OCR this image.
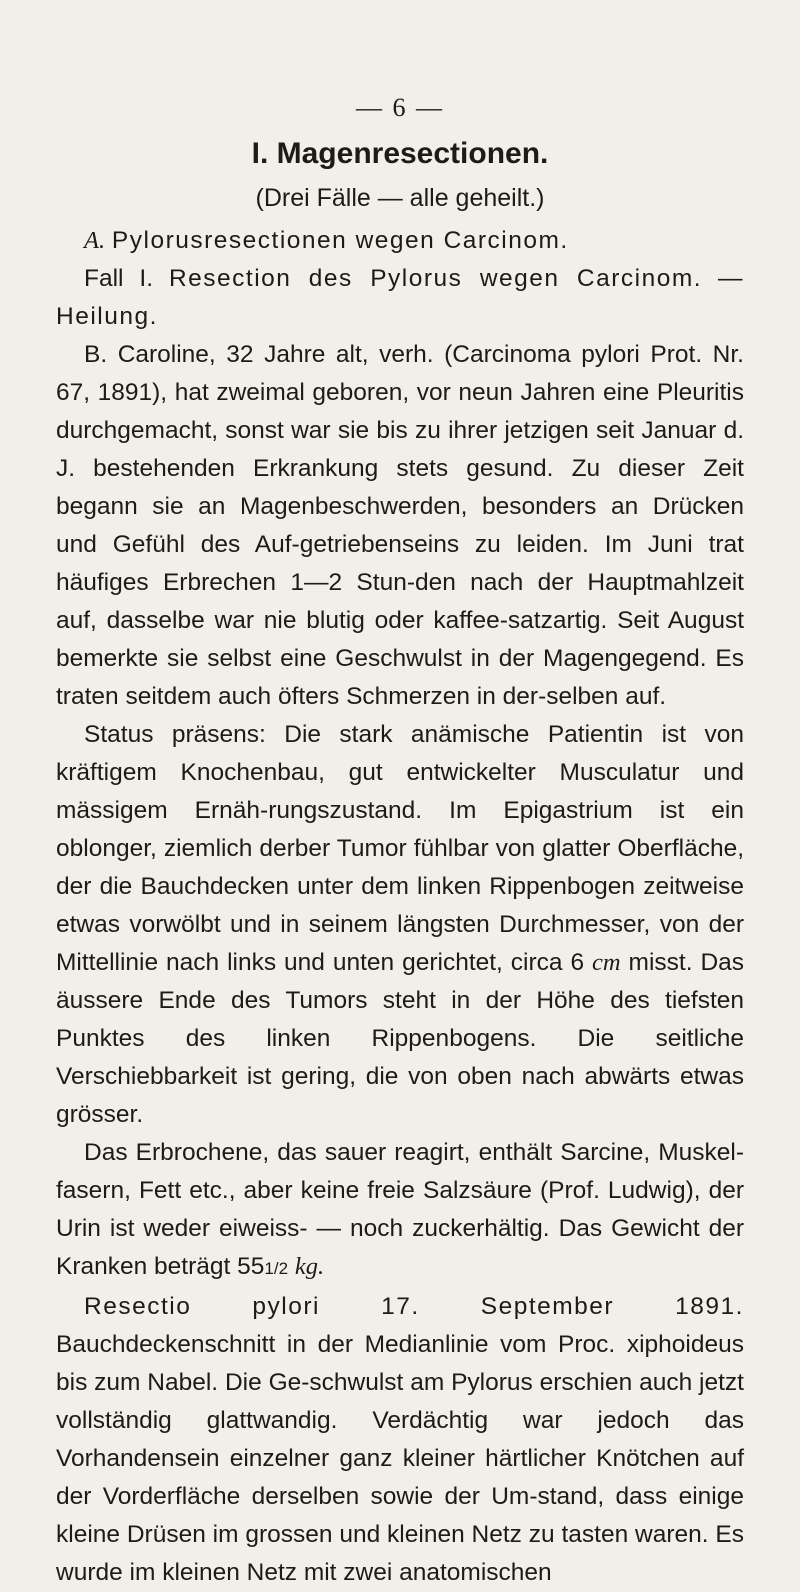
— 6 —
I. Magenresectionen.
(Drei Fälle — alle geheilt.)

A. Pylorusresectionen wegen Carcinom.

Fall I. Resection des Pylorus wegen Carcinom. — Heilung.

B. Caroline, 32 Jahre alt, verh. (Carcinoma pylori Prot. Nr. 67, 1891), hat zweimal geboren, vor neun Jahren eine Pleuritis durchgemacht, sonst war sie bis zu ihrer jetzigen seit Januar d. J. bestehenden Erkrankung stets gesund. Zu dieser Zeit begann sie an Magenbeschwerden, besonders an Drücken und Gefühl des Auf-getriebenseins zu leiden. Im Juni trat häufiges Erbrechen 1—2 Stun-den nach der Hauptmahlzeit auf, dasselbe war nie blutig oder kaffee-satzartig. Seit August bemerkte sie selbst eine Geschwulst in der Magengegend. Es traten seitdem auch öfters Schmerzen in der-selben auf.

Status präsens: Die stark anämische Patientin ist von kräftigem Knochenbau, gut entwickelter Musculatur und mässigem Ernäh-rungszustand. Im Epigastrium ist ein oblonger, ziemlich derber Tumor fühlbar von glatter Oberfläche, der die Bauchdecken unter dem linken Rippenbogen zeitweise etwas vorwölbt und in seinem längsten Durchmesser, von der Mittellinie nach links und unten gerichtet, circa 6 cm misst. Das äussere Ende des Tumors steht in der Höhe des tiefsten Punktes des linken Rippenbogens. Die seitliche Verschiebbarkeit ist gering, die von oben nach abwärts etwas grösser.

Das Erbrochene, das sauer reagirt, enthält Sarcine, Muskel-fasern, Fett etc., aber keine freie Salzsäure (Prof. Ludwig), der Urin ist weder eiweiss- — noch zuckerhältig. Das Gewicht der Kranken beträgt 551/2 kg.

Resectio pylori 17. September 1891. Bauchdeckenschnitt in der Medianlinie vom Proc. xiphoideus bis zum Nabel. Die Ge-schwulst am Pylorus erschien auch jetzt vollständig glattwandig. Verdächtig war jedoch das Vorhandensein einzelner ganz kleiner härtlicher Knötchen auf der Vorderfläche derselben sowie der Um-stand, dass einige kleine Drüsen im grossen und kleinen Netz zu tasten waren. Es wurde im kleinen Netz mit zwei anatomischen
